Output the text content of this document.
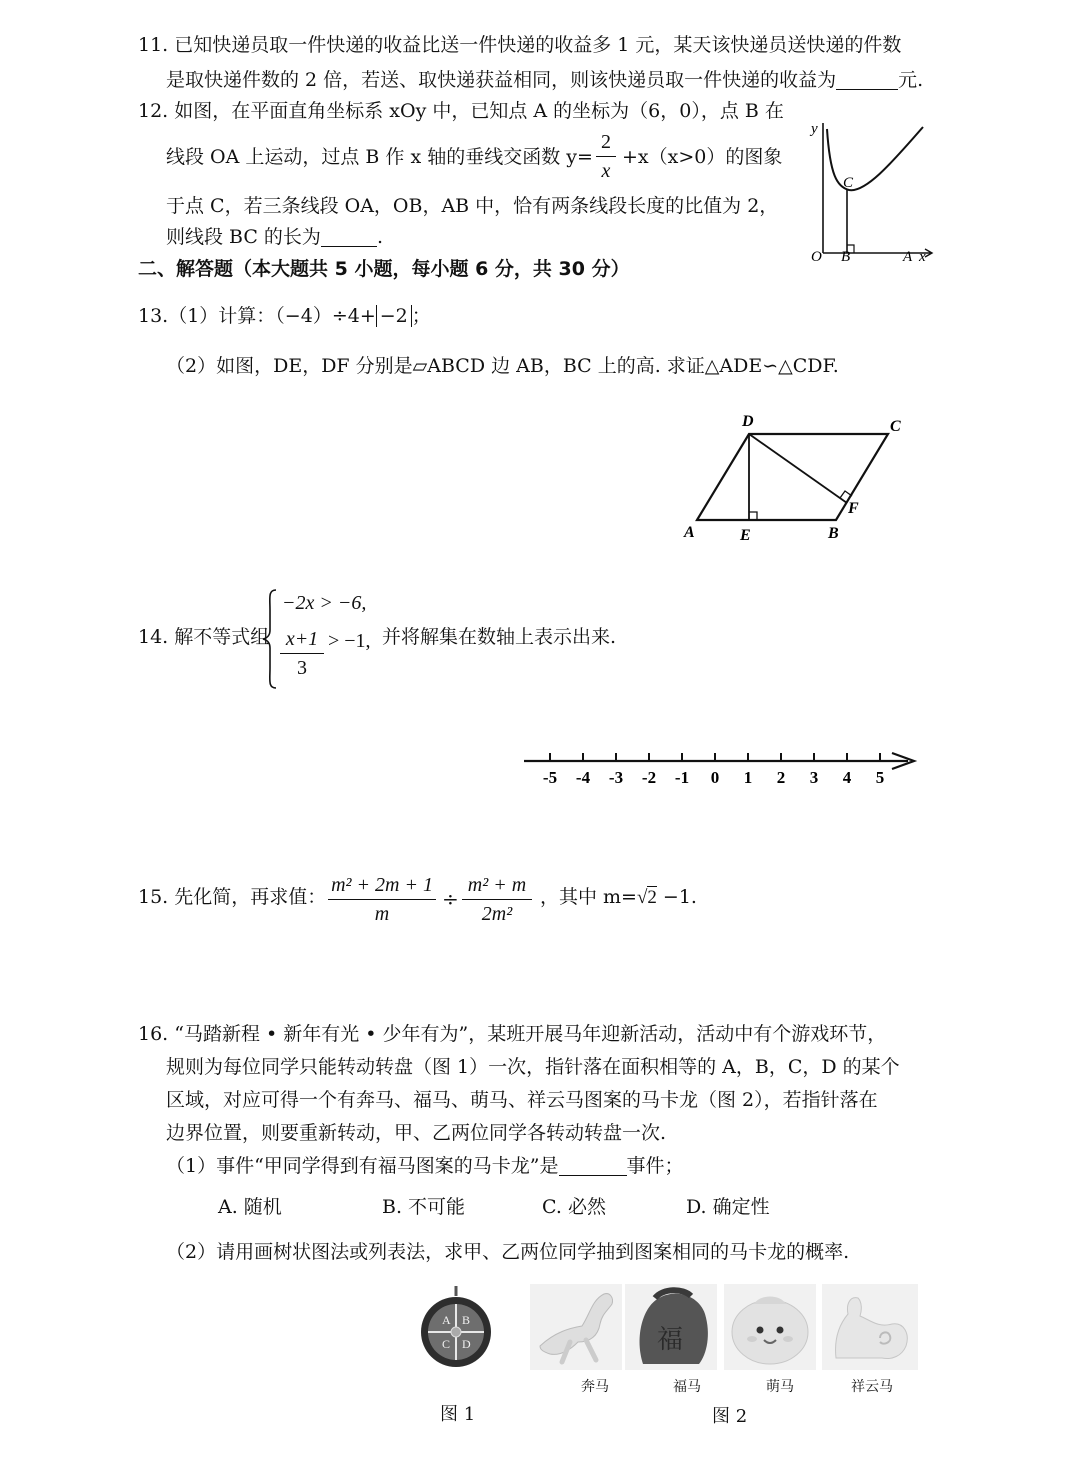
11. 已知快递员取一件快递的收益比送一件快递的收益多 1 元，某天该快递员送快递的件数
是取快递件数的 2 倍，若送、取快递获益相同，则该快递员取一件快递的收益为	元.
12. 如图，在平面直角坐标系 xOy 中，已知点 A 的坐标为（6，0），点 B 在
线段 OA 上运动，过点 B 作 x 轴的垂线交函数 y=
2
x
+x（x>0）的图象
于点 C，若三条线段 OA，OB，AB 中，恰有两条线段长度的比值为 2，
则线段 BC 的长为	.
y
O B	A x
C
二、解答题（本大题共 5 小题，每小题 6 分，共 30 分）
13.（1）计算：（−4）÷4+ −2 ；
（2）如图，DE，DF 分别是▱ABCD 边 AB，BC 上的高. 求证△ADE∽△CDF.
D	C
A	E	B
F
14. 解不等式组
−2x > −6,
x+1
3
> −1, 并将解集在数轴上表示出来.
-5 -4 -3 -2 -1 0 1 2 3 4 5
15. 先化简，再求值：
m² + 2m + 1
m
÷
m² + m
2m²
，其中 m=√2 −1.
16. “马踏新程 • 新年有光 • 少年有为”，某班开展马年迎新活动，活动中有个游戏环节，
规则为每位同学只能转动转盘（图 1）一次，指针落在面积相等的 A，B，C，D 的某个
区域，对应可得一个有奔马、福马、萌马、祥云马图案的马卡龙（图 2），若指针落在
边界位置，则要重新转动，甲、乙两位同学各转动转盘一次.
（1）事件“甲同学得到有福马图案的马卡龙”是	事件；
A. 随机	B. 不可能	C. 必然	D. 确定性
（2）请用画树状图法或列表法，求甲、乙两位同学抽到图案相同的马卡龙的概率.
A B
C D	福
奔马	福马	萌马	祥云马
图 1	图 2
